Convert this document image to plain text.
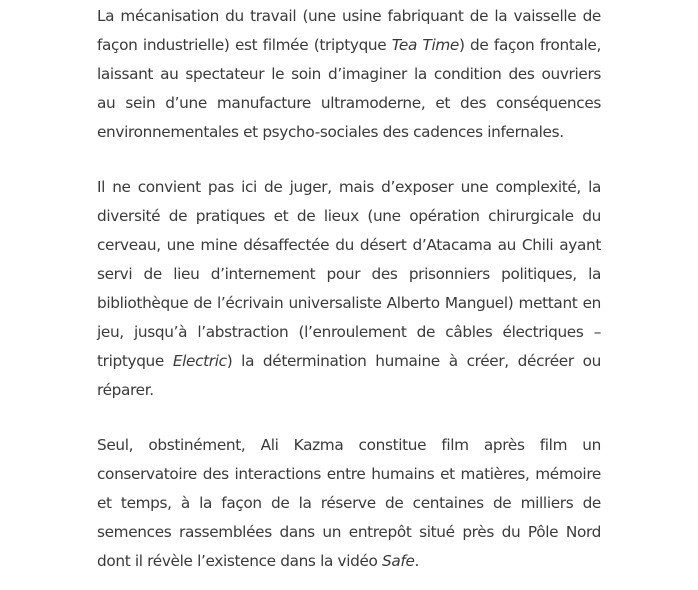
La mécanisation du travail (une usine fabriquant de la vaisselle de façon industrielle) est filmée (triptyque Tea Time) de façon frontale, laissant au spectateur le soin d’imaginer la condition des ouvriers au sein d’une manufacture ultramoderne, et des conséquences environnementales et psycho-sociales des cadences infernales.

Il ne convient pas ici de juger, mais d’exposer une complexité, la diversité de pratiques et de lieux (une opération chirurgicale du cerveau, une mine désaffectée du désert d’Atacama au Chili ayant servi de lieu d’internement pour des prisonniers politiques, la bibliothèque de l’écrivain universaliste Alberto Manguel) mettant en jeu, jusqu’à l’abstraction (l’enroulement de câbles électriques – triptyque Electric) la détermination humaine à créer, décréer ou réparer.

Seul, obstinément, Ali Kazma constitue film après film un conservatoire des interactions entre humains et matières, mémoire et temps, à la façon de la réserve de centaines de milliers de semences rassemblées dans un entrepôt situé près du Pôle Nord dont il révèle l’existence dans la vidéo Safe.
